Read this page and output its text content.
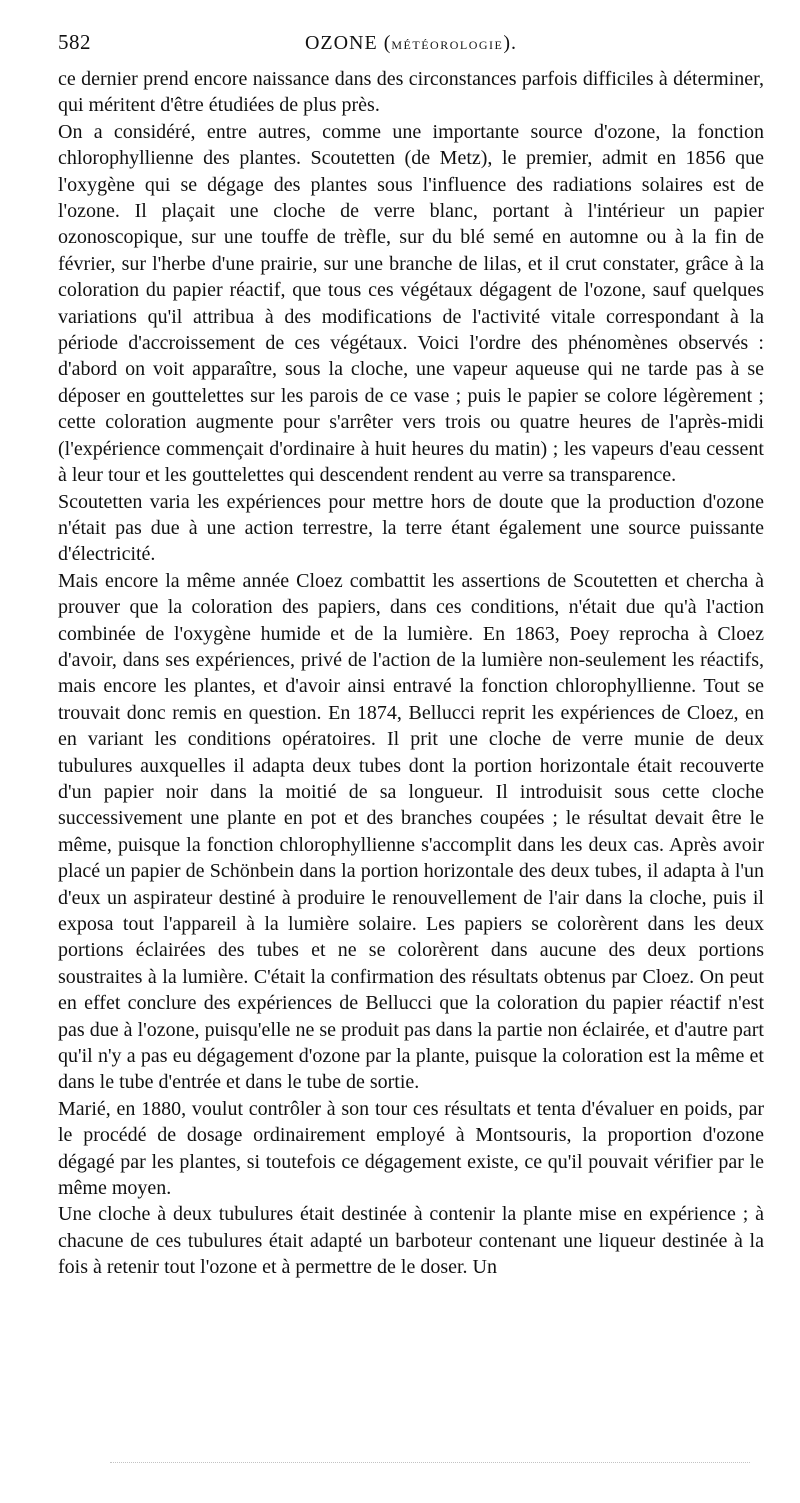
582	OZONE (MÉTÉOROLOGIE).

ce dernier prend encore naissance dans des circonstances parfois difficiles à déterminer, qui méritent d'être étudiées de plus près.

On a considéré, entre autres, comme une importante source d'ozone, la fonction chlorophyllienne des plantes. Scoutetten (de Metz), le premier, admit en 1856 que l'oxygène qui se dégage des plantes sous l'influence des radiations solaires est de l'ozone. Il plaçait une cloche de verre blanc, portant à l'intérieur un papier ozonoscopique, sur une touffe de trèfle, sur du blé semé en automne ou à la fin de février, sur l'herbe d'une prairie, sur une branche de lilas, et il crut constater, grâce à la coloration du papier réactif, que tous ces végétaux dégagent de l'ozone, sauf quelques variations qu'il attribua à des modifications de l'activité vitale correspondant à la période d'accroissement de ces végétaux. Voici l'ordre des phénomènes observés : d'abord on voit apparaître, sous la cloche, une vapeur aqueuse qui ne tarde pas à se déposer en gouttelettes sur les parois de ce vase ; puis le papier se colore légèrement ; cette coloration augmente pour s'arrêter vers trois ou quatre heures de l'après-midi (l'expérience commençait d'ordinaire à huit heures du matin) ; les vapeurs d'eau cessent à leur tour et les gouttelettes qui descendent rendent au verre sa transparence.

Scoutetten varia les expériences pour mettre hors de doute que la production d'ozone n'était pas due à une action terrestre, la terre étant également une source puissante d'électricité.

Mais encore la même année Cloez combattit les assertions de Scoutetten et chercha à prouver que la coloration des papiers, dans ces conditions, n'était due qu'à l'action combinée de l'oxygène humide et de la lumière. En 1863, Poey reprocha à Cloez d'avoir, dans ses expériences, privé de l'action de la lumière non-seulement les réactifs, mais encore les plantes, et d'avoir ainsi entravé la fonction chlorophyllienne. Tout se trouvait donc remis en question. En 1874, Bellucci reprit les expériences de Cloez, en en variant les conditions opératoires. Il prit une cloche de verre munie de deux tubulures auxquelles il adapta deux tubes dont la portion horizontale était recouverte d'un papier noir dans la moitié de sa longueur. Il introduisit sous cette cloche successivement une plante en pot et des branches coupées ; le résultat devait être le même, puisque la fonction chlorophyllienne s'accomplit dans les deux cas. Après avoir placé un papier de Schönbein dans la portion horizontale des deux tubes, il adapta à l'un d'eux un aspirateur destiné à produire le renouvellement de l'air dans la cloche, puis il exposa tout l'appareil à la lumière solaire. Les papiers se colorèrent dans les deux portions éclairées des tubes et ne se colorèrent dans aucune des deux portions soustraites à la lumière. C'était la confirmation des résultats obtenus par Cloez. On peut en effet conclure des expériences de Bellucci que la coloration du papier réactif n'est pas due à l'ozone, puisqu'elle ne se produit pas dans la partie non éclairée, et d'autre part qu'il n'y a pas eu dégagement d'ozone par la plante, puisque la coloration est la même et dans le tube d'entrée et dans le tube de sortie.

Marié, en 1880, voulut contrôler à son tour ces résultats et tenta d'évaluer en poids, par le procédé de dosage ordinairement employé à Montsouris, la proportion d'ozone dégagé par les plantes, si toutefois ce dégagement existe, ce qu'il pouvait vérifier par le même moyen.

Une cloche à deux tubulures était destinée à contenir la plante mise en expérience ; à chacune de ces tubulures était adapté un barboteur contenant une liqueur destinée à la fois à retenir tout l'ozone et à permettre de le doser. Un
